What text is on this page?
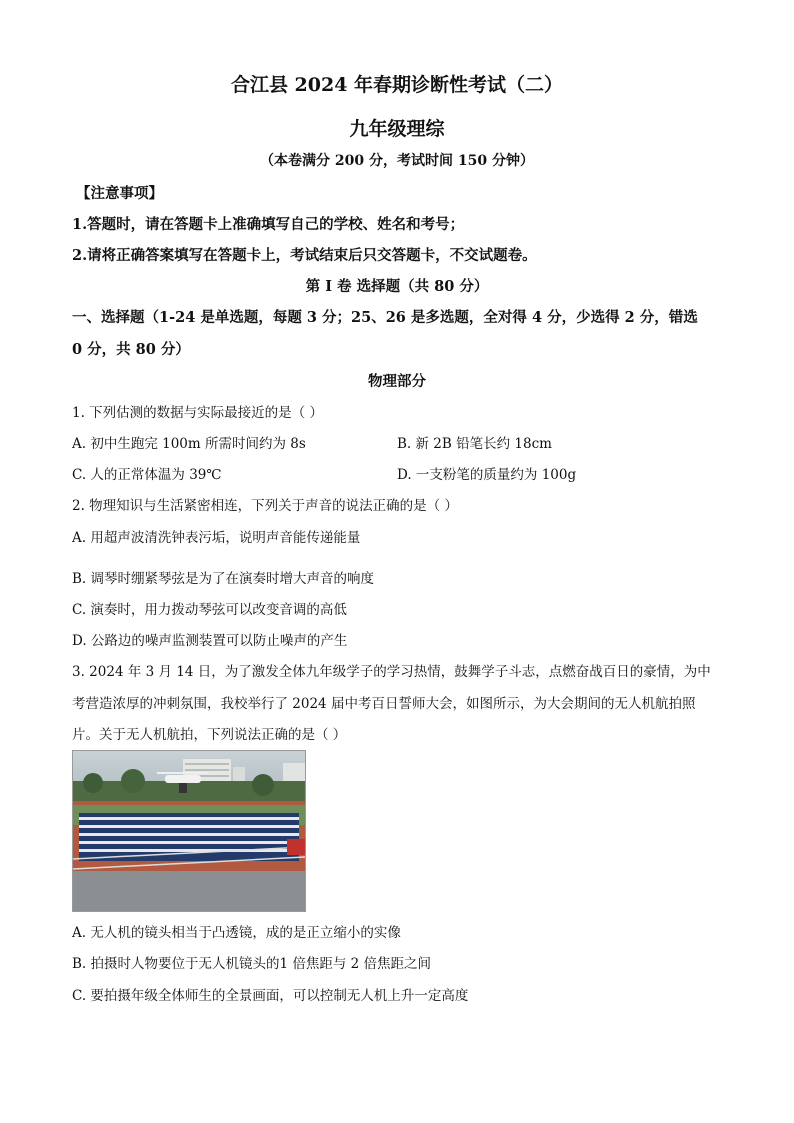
合江县 2024 年春期诊断性考试（二）
九年级理综
（本卷满分 200 分，考试时间 150 分钟）
【注意事项】
1.答题时，请在答题卡上准确填写自己的学校、姓名和考号；
2.请将正确答案填写在答题卡上，考试结束后只交答题卡，不交试题卷。
第 Ⅰ 卷 选择题（共 80 分）
一、选择题（1-24 是单选题，每题 3 分；25、26 是多选题，全对得 4 分，少选得 2 分，错选
0 分，共 80 分）
物理部分
1. 下列估测的数据与实际最接近的是（ ）
A. 初中生跑完 100m 所需时间约为 8s	B. 新 2B 铅笔长约 18cm
C. 人的正常体温为 39℃	D. 一支粉笔的质量约为 100g
2. 物理知识与生活紧密相连，下列关于声音的说法正确的是（ ）
A. 用超声波清洗钟表污垢，说明声音能传递能量
B. 调琴时绷紧琴弦是为了在演奏时增大声音的响度
C. 演奏时，用力拨动琴弦可以改变音调的高低
D. 公路边的噪声监测装置可以防止噪声的产生
3. 2024 年 3 月 14 日，为了激发全体九年级学子的学习热情，鼓舞学子斗志，点燃奋战百日的豪情，为中
考营造浓厚的冲刺氛围，我校举行了 2024 届中考百日誓师大会，如图所示，为大会期间的无人机航拍照
片。关于无人机航拍，下列说法正确的是（ ）
A. 无人机的镜头相当于凸透镜，成的是正立缩小的实像
B. 拍摄时人物要位于无人机镜头的1 倍焦距与 2 倍焦距之间
C. 要拍摄年级全体师生的全景画面，可以控制无人机上升一定高度
